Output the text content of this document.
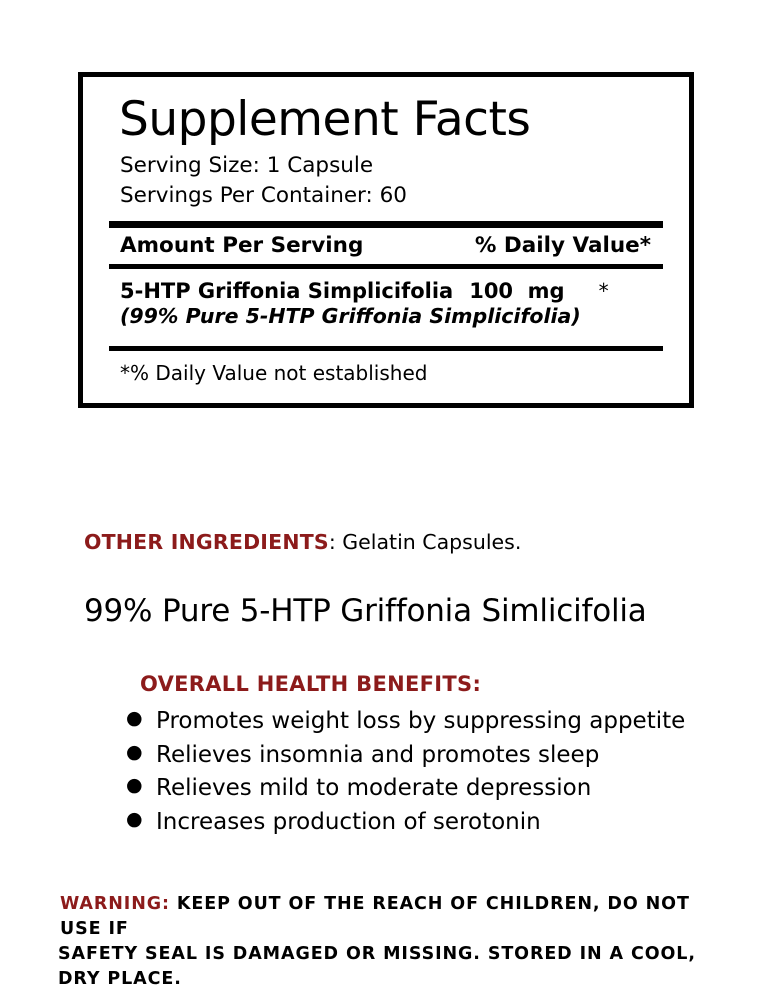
Supplement Facts
Serving Size: 1 Capsule
Servings Per Container: 60
Amount Per Serving	% Daily Value*
5-HTP Griffonia Simplicifolia 100  mg *
(99% Pure 5-HTP Griffonia Simplicifolia)
*% Daily Value not established
OTHER INGREDIENTS: Gelatin Capsules.
99% Pure 5-HTP Griffonia Simlicifolia
OVERALL HEALTH BENEFITS:
● Promotes weight loss by suppressing appetite
● Relieves insomnia and promotes sleep
● Relieves mild to moderate depression
● Increases production of serotonin
WARNING: KEEP OUT OF THE REACH OF CHILDREN, DO NOT USE IF
SAFETY SEAL IS DAMAGED OR MISSING. STORED IN A COOL, DRY PLACE.
